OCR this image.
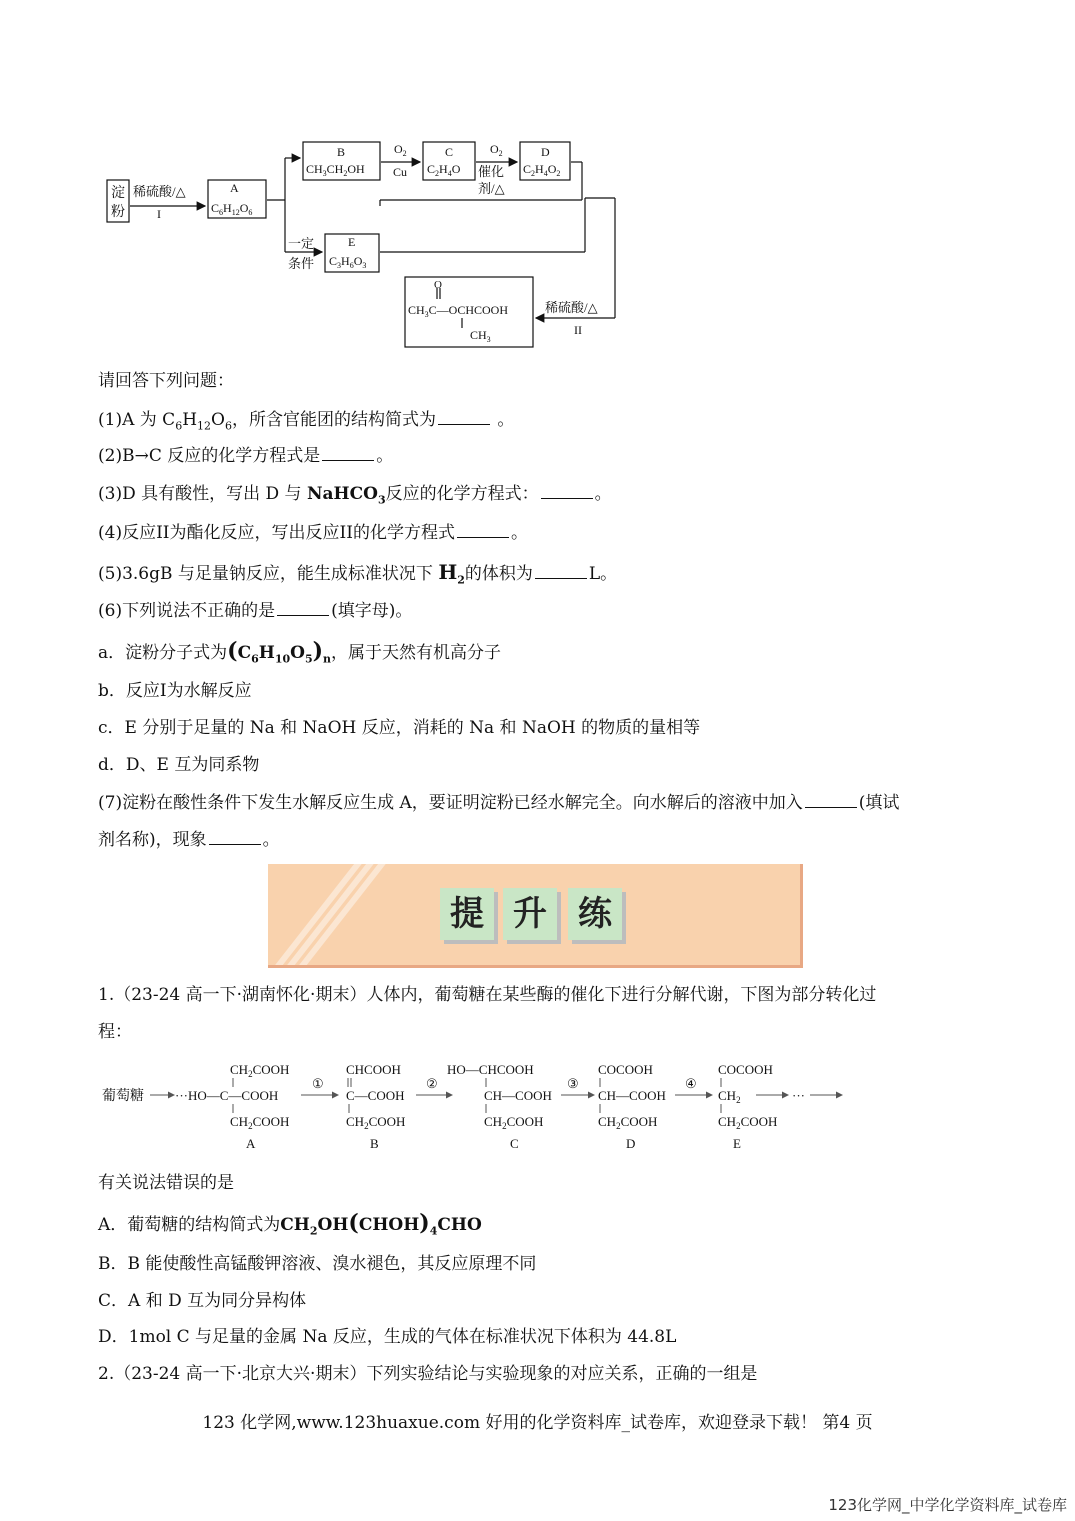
淀
粉
稀硫酸/△
I
A
$C_6H_{12}O_6$
B
$CH_3CH_2OH$
$O_2$
Cu
C
$C_2H_4O$
$O_2$
催化
剂/△
D
$C_2H_4O_2$
一定
条件
E
$C_3H_6O_3$
O
$CH_3C—OCHCOOH$
$CH_3$
稀硫酸/△
II
请回答下列问题：
(1)A 为 $C_6H_{12}O_6$，所含官能团的结构简式为	。
(2)B→C 反应的化学方程式是	。
(3)D 具有酸性，写出 D 与 NaHCO$_3$反应的化学方程式：	。
(4)反应II为酯化反应，写出反应II的化学方程式	。
(5)3.6gB 与足量钠反应，能生成标准状况下 $H_2$的体积为	L。
(6)下列说法不正确的是	(填字母)。
a．淀粉分子式为$(C_6H_{10}O_5)_n$，属于天然有机高分子
b．反应I为水解反应
c．E 分别于足量的 Na 和 NaOH 反应，消耗的 Na 和 NaOH 的物质的量相等
d．D、E 互为同系物
(7)淀粉在酸性条件下发生水解反应生成 A，要证明淀粉已经水解完全。向水解后的溶液中加入	(填试
剂名称)，现象	。
提 升 练
1.（23-24 高一下·湖南怀化·期末）人体内，葡萄糖在某些酶的催化下进行分解代谢，下图为部分转化过
程：
葡萄糖
$CH_2COOH$
···HO—C—COOH
$CH_2COOH$
A
①
CHCOOH
C—COOH
$CH_2COOH$
B
②
HO—CHCOOH
CH—COOH
$CH_2COOH$
C
③
COCOOH
CH—COOH
$CH_2COOH$
D
④
COCOOH
$CH_2$
$CH_2COOH$
E
···
有关说法错误的是
A．葡萄糖的结构简式为$CH_2OH(CHOH)_4CHO$
B．B 能使酸性高锰酸钾溶液、溴水褪色，其反应原理不同
C．A 和 D 互为同分异构体
D．1mol C 与足量的金属 Na 反应，生成的气体在标准状况下体积为 44.8L
2.（23-24 高一下·北京大兴·期末）下列实验结论与实验现象的对应关系，正确的一组是
123 化学网,www.123huaxue.com 好用的化学资料库_试卷库，欢迎登录下载！ 第4 页
123化学网_中学化学资料库_试卷库
